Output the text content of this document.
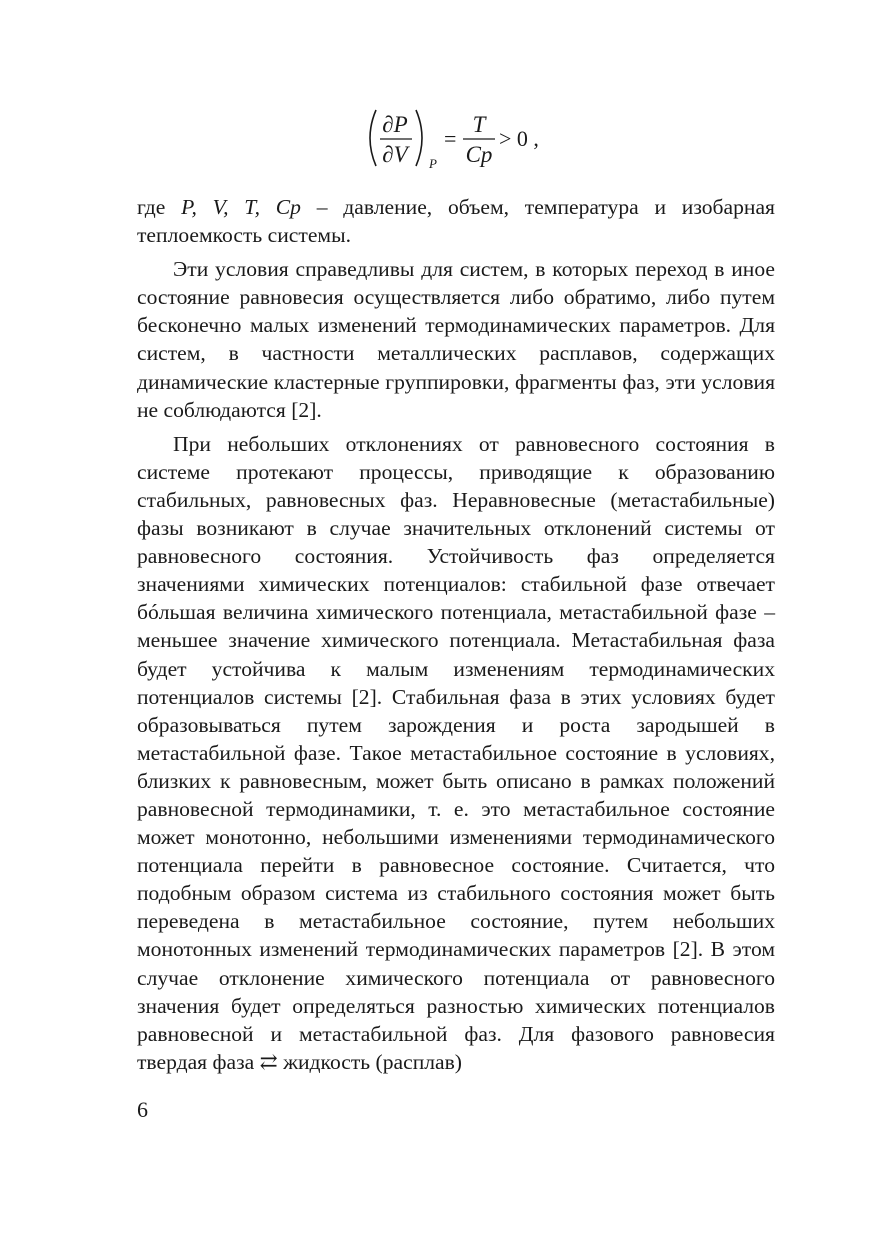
∂P
∂V P
=
T
Cp
> 0 ,

где P, V, T, Cp – давление, объем, температура и изобарная теплоемкость системы.

Эти условия справедливы для систем, в которых переход в иное состояние равновесия осуществляется либо обратимо, либо путем бесконечно малых изменений термодинамических параметров. Для систем, в частности металлических расплавов, содержащих динамические кластерные группировки, фрагменты фаз, эти условия не соблюдаются [2].

При небольших отклонениях от равновесного состояния в системе протекают процессы, приводящие к образованию стабильных, равновесных фаз. Неравновесные (метастабильные) фазы возникают в случае значительных отклонений системы от равновесного состояния. Устойчивость фаз определяется значениями химических потенциалов: стабильной фазе отвечает бóльшая величина химического потенциала, метастабильной фазе – меньшее значение химического потенциала. Метастабильная фаза будет устойчива к малым изменениям термодинамических потенциалов системы [2]. Стабильная фаза в этих условиях будет образовываться путем зарождения и роста зародышей в метастабильной фазе. Такое метастабильное состояние в условиях, близких к равновесным, может быть описано в рамках положений равновесной термодинамики, т. е. это метастабильное состояние может монотонно, небольшими изменениями термодинамического потенциала перейти в равновесное состояние. Считается, что подобным образом система из стабильного состояния может быть переведена в метастабильное состояние, путем небольших монотонных изменений термодинамических параметров [2]. В этом случае отклонение химического потенциала от равновесного значения будет определяться разностью химических потенциалов равновесной и метастабильной фаз. Для фазового равновесия твердая фаза ⇄ жидкость (расплав)

6
